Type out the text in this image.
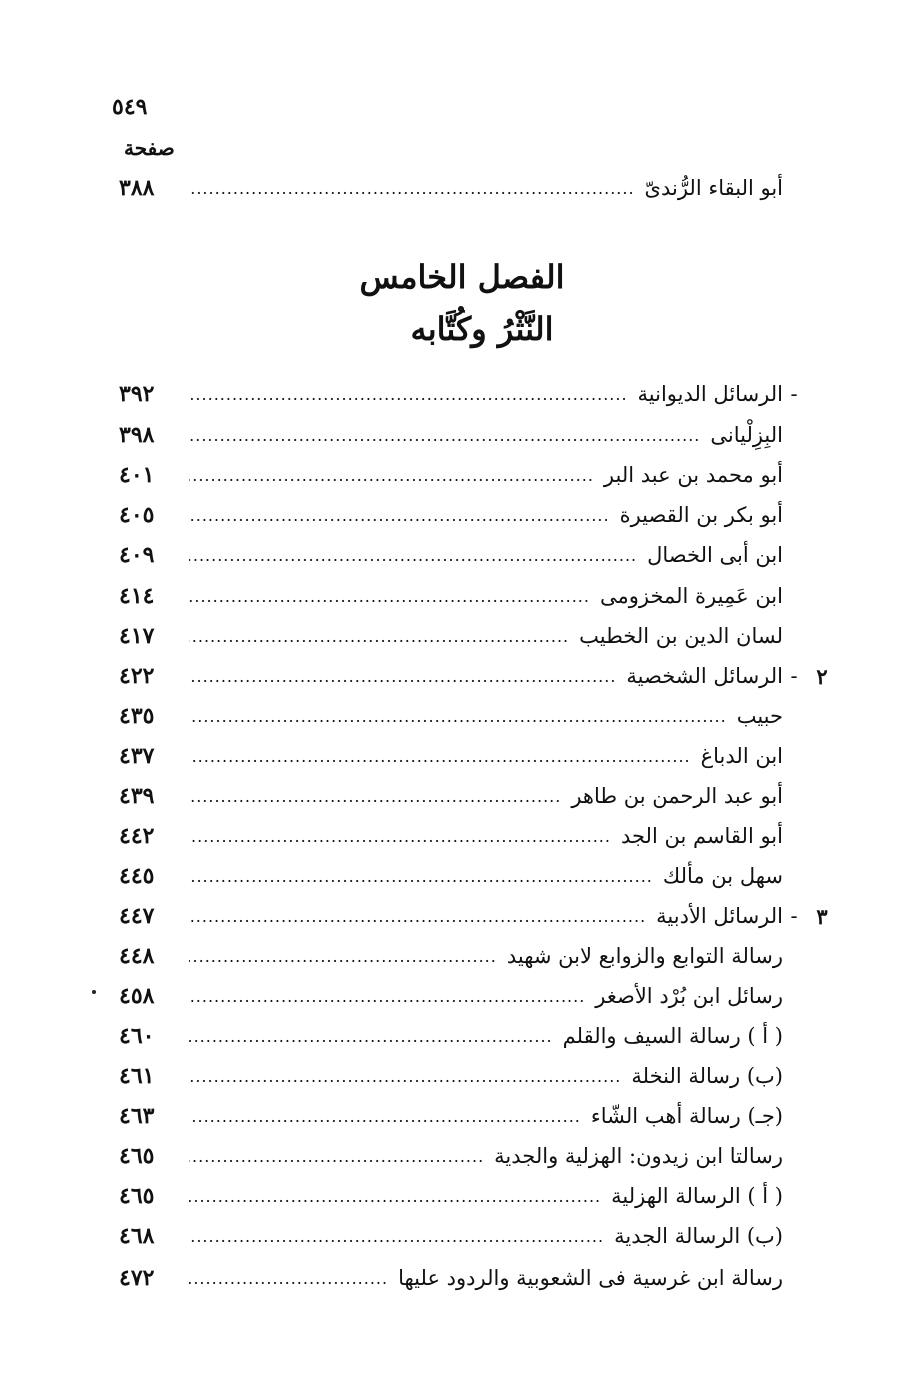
٥٤٩
صفحة
أبو البقاء الرُّندىّ
.....
٣٨٨
الفصل الخامس
النَّثْرُ وكُتَّابه
-
الرسائل الديوانية
.....
٣٩٢
البِزِلْيانى
.....
٣٩٨
أبو محمد بن عبد البر
.....
٤٠١
أبو بكر بن القصيرة
.....
٤٠٥
ابن أبى الخصال
.....
٤٠٩
ابن عَمِيرة المخزومى
.....
٤١٤
لسان الدين بن الخطيب
.....
٤١٧
٢
-
الرسائل الشخصية
.....
٤٢٢
حبيب
.....
٤٣٥
ابن الدباغ
.....
٤٣٧
أبو عبد الرحمن بن طاهر
.....
٤٣٩
أبو القاسم بن الجد
.....
٤٤٢
سهل بن مألك
.....
٤٤٥
٣
-
الرسائل الأدبية
.....
٤٤٧
رسالة التوابع والزوابع لابن شهيد
.....
٤٤٨
رسائل ابن بُرْد الأصغر
.....
٤٥٨
( أ ) رسالة السيف والقلم
.....
٤٦٠
(ب) رسالة النخلة
.....
٤٦١
(جـ) رسالة أهب الشّاء
.....
٤٦٣
رسالتا ابن زيدون: الهزلية والجدية
.....
٤٦٥
( أ ) الرسالة الهزلية
.....
٤٦٥
(ب) الرسالة الجدية
.....
٤٦٨
رسالة ابن غرسية فى الشعوبية والردود عليها
.....
٤٧٢
